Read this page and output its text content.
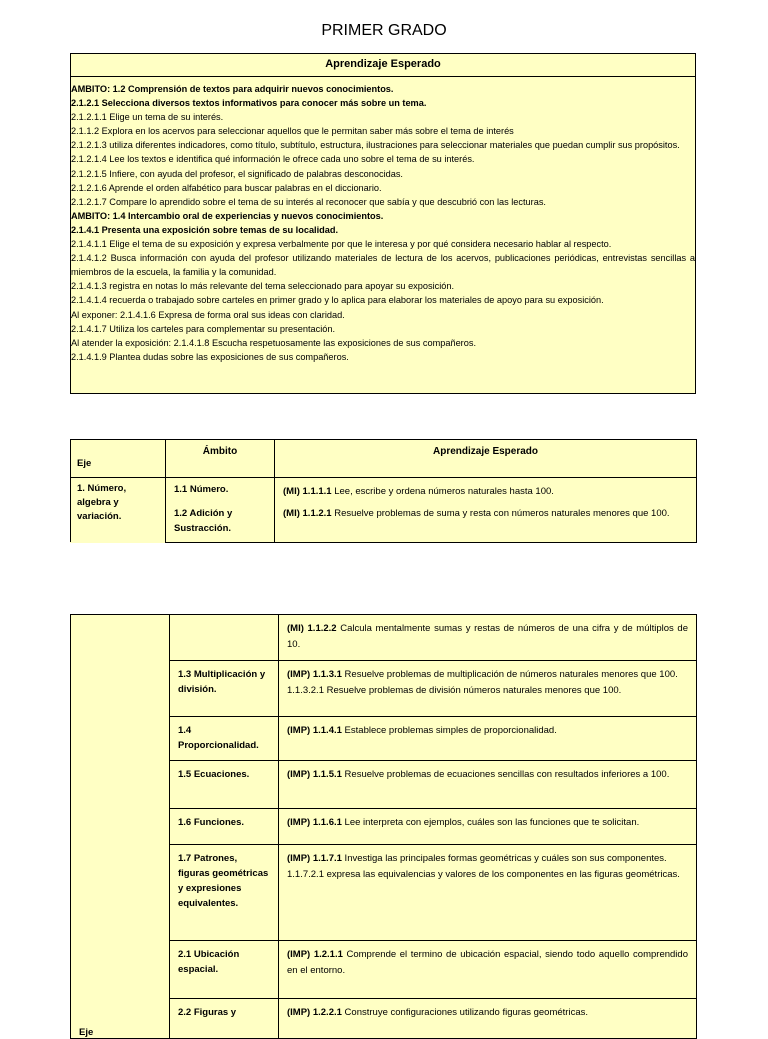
PRIMER GRADO
Aprendizaje Esperado

AMBITO: 1.2 Comprensión de textos para adquirir nuevos conocimientos.

2.1.2.1 Selecciona diversos textos informativos para conocer más sobre un tema.

2.1.2.1.1 Elige un tema de su interés.

2.1.1.2 Explora en los acervos para seleccionar aquellos que le permitan saber más sobre el tema de interés

2.1.2.1.3 utiliza diferentes indicadores, como título, subtítulo, estructura, ilustraciones para seleccionar materiales que puedan cumplir sus propósitos.

2.1.2.1.4 Lee los textos e identifica qué información le ofrece cada uno sobre el tema de su interés.

2.1.2.1.5 Infiere, con ayuda del profesor, el significado de palabras desconocidas.

2.1.2.1.6 Aprende el orden alfabético para buscar palabras en el diccionario.

2.1.2.1.7 Compare lo aprendido sobre el tema de su interés al reconocer que sabía y que descubrió con las lecturas.

AMBITO: 1.4 Intercambio oral de experiencias y nuevos conocimientos.

2.1.4.1 Presenta una exposición sobre temas de su localidad.

2.1.4.1.1 Elige el tema de su exposición y expresa verbalmente por que le interesa y por qué considera necesario hablar al respecto.

2.1.4.1.2 Busca información con ayuda del profesor utilizando materiales de lectura de los acervos, publicaciones periódicas, entrevistas sencillas a miembros de la escuela, la familia y la comunidad.

2.1.4.1.3 registra en notas lo más relevante del tema seleccionado para apoyar su exposición.

2.1.4.1.4 recuerda o trabajado sobre carteles en primer grado y lo aplica para elaborar los materiales de apoyo para su exposición.

Al exponer: 2.1.4.1.6 Expresa de forma oral sus ideas con claridad.

2.1.4.1.7 Utiliza los carteles para complementar su presentación.

Al atender la exposición: 2.1.4.1.8 Escucha respetuosamente las exposiciones de sus compañeros.

2.1.4.1.9 Plantea dudas sobre las exposiciones de sus compañeros.

Eje	Ámbito	Aprendizaje Esperado
1. Número, algebra y variación.	1.1 Número.	(MI) 1.1.1.1 Lee, escribe y ordena números naturales hasta 100.
	1.2 Adición y Sustracción.	(MI) 1.1.2.1 Resuelve problemas de suma y resta con números naturales menores que 100.
Eje		(MI) 1.1.2.2 Calcula mentalmente sumas y restas de números de una cifra y de múltiplos de 10.

	1.3 Multiplicación y división.	(IMP) 1.1.3.1 Resuelve problemas de multiplicación de números naturales menores que 100.
1.1.3.2.1 Resuelve problemas de división números naturales menores que 100.

	1.4 Proporcionalidad.	(IMP) 1.1.4.1 Establece problemas simples de proporcionalidad.

	1.5 Ecuaciones.	(IMP) 1.1.5.1 Resuelve problemas de ecuaciones sencillas con resultados inferiores a 100.

	1.6 Funciones.	(IMP) 1.1.6.1 Lee interpreta con ejemplos, cuáles son las funciones que te solicitan.

	1.7 Patrones, figuras geométricas y expresiones equivalentes.	(IMP) 1.1.7.1 Investiga las principales formas geométricas y cuáles son sus componentes.
1.1.7.2.1 expresa las equivalencias y valores de los componentes en las figuras geométricas.

	2.1 Ubicación espacial.	(IMP) 1.2.1.1 Comprende el termino de ubicación espacial, siendo todo aquello comprendido en el entorno.

	2.2 Figuras y	(IMP) 1.2.2.1 Construye configuraciones utilizando figuras geométricas.
